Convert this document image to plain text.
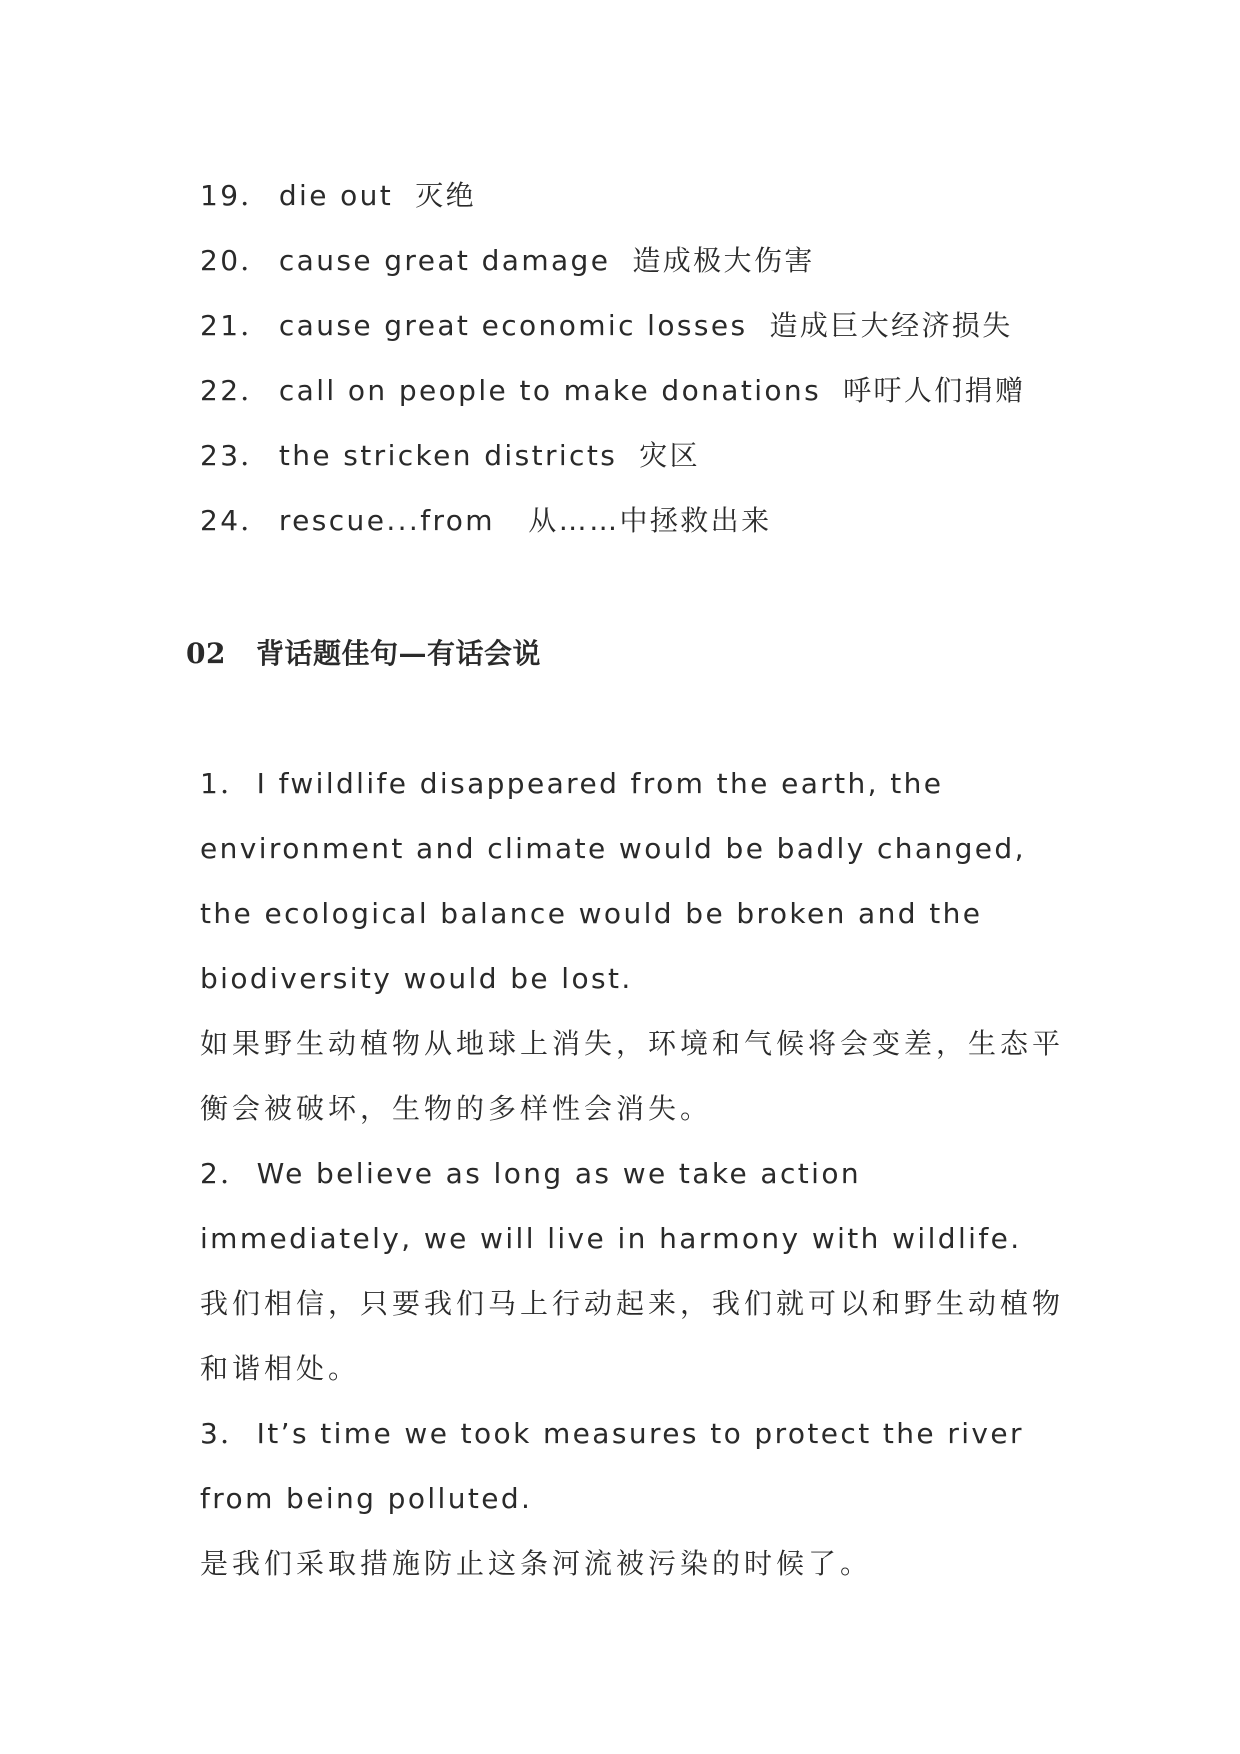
19． die out 灭绝
20． cause great damage 造成极大伤害
21． cause great economic losses 造成巨大经济损失
22． call on people to make donations 呼吁人们捐赠
23． the stricken districts 灾区
24． rescue...from 从……中拯救出来
02 背话题佳句—有话会说

1． I fwildlife disappeared from the earth, the environment and climate would be badly changed, the ecological balance would be broken and the biodiversity would be lost.

如果野生动植物从地球上消失，环境和气候将会变差，生态平衡会被破坏，生物的多样性会消失。

2． We believe as long as we take action immediately, we will live in harmony with wildlife.

我们相信，只要我们马上行动起来，我们就可以和野生动植物和谐相处。

3． It’s time we took measures to protect the river from being polluted.

是我们采取措施防止这条河流被污染的时候了。
